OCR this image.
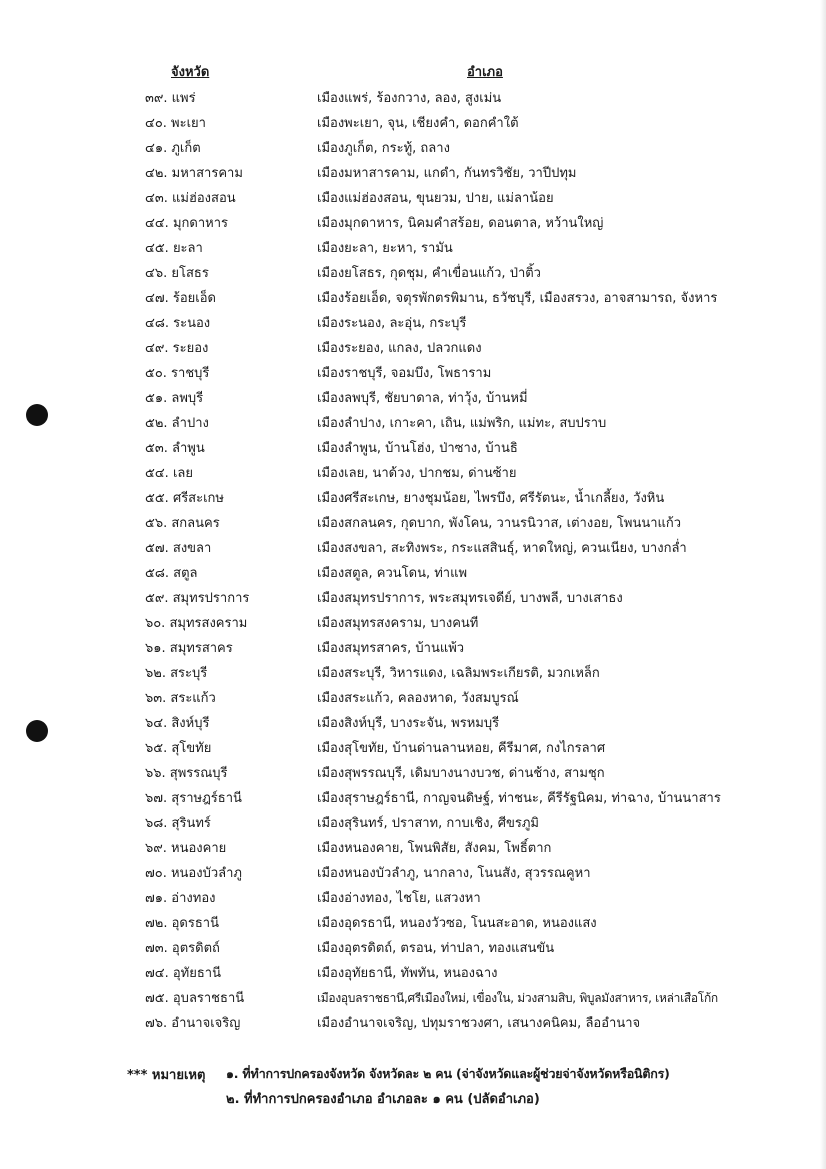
จังหวัด	อำเภอ
๓๙. แพร่	เมืองแพร่, ร้องกวาง, ลอง, สูงเม่น
๔๐. พะเยา	เมืองพะเยา, จุน, เชียงคำ, ดอกคำใต้
๔๑. ภูเก็ต	เมืองภูเก็ต, กระทู้, ถลาง
๔๒. มหาสารคาม	เมืองมหาสารคาม, แกดำ, กันทรวิชัย, วาปีปทุม
๔๓. แม่ฮ่องสอน	เมืองแม่ฮ่องสอน, ขุนยวม, ปาย, แม่ลาน้อย
๔๔. มุกดาหาร	เมืองมุกดาหาร, นิคมคำสร้อย, ดอนตาล, หว้านใหญ่
๔๕. ยะลา	เมืองยะลา, ยะหา, รามัน
๔๖. ยโสธร	เมืองยโสธร, กุดชุม, คำเขื่อนแก้ว, ป่าติ้ว
๔๗. ร้อยเอ็ด	เมืองร้อยเอ็ด, จตุรพักตรพิมาน, ธวัชบุรี, เมืองสรวง, อาจสามารถ, จังหาร
๔๘. ระนอง	เมืองระนอง, ละอุ่น, กระบุรี
๔๙. ระยอง	เมืองระยอง, แกลง, ปลวกแดง
๕๐. ราชบุรี	เมืองราชบุรี, จอมบึง, โพธาราม
๕๑. ลพบุรี	เมืองลพบุรี, ชัยบาดาล, ท่าวุ้ง, บ้านหมี่
๕๒. ลำปาง	เมืองลำปาง, เกาะคา, เถิน, แม่พริก, แม่ทะ, สบปราบ
๕๓. ลำพูน	เมืองลำพูน, บ้านโฮ่ง, ป่าซาง, บ้านธิ
๕๔. เลย	เมืองเลย, นาด้วง, ปากชม, ด่านซ้าย
๕๕. ศรีสะเกษ	เมืองศรีสะเกษ, ยางชุมน้อย, ไพรบึง, ศรีรัตนะ, น้ำเกลี้ยง, วังหิน
๕๖. สกลนคร	เมืองสกลนคร, กุดบาก, พังโคน, วานรนิวาส, เต่างอย, โพนนาแก้ว
๕๗. สงขลา	เมืองสงขลา, สะทิงพระ, กระแสสินธุ์, หาดใหญ่, ควนเนียง, บางกล่ำ
๕๘. สตูล	เมืองสตูล, ควนโดน, ท่าแพ
๕๙. สมุทรปราการ	เมืองสมุทรปราการ, พระสมุทรเจดีย์, บางพลี, บางเสาธง
๖๐. สมุทรสงคราม	เมืองสมุทรสงคราม, บางคนที
๖๑. สมุทรสาคร	เมืองสมุทรสาคร, บ้านแพ้ว
๖๒. สระบุรี	เมืองสระบุรี, วิหารแดง, เฉลิมพระเกียรติ, มวกเหล็ก
๖๓. สระแก้ว	เมืองสระแก้ว, คลองหาด, วังสมบูรณ์
๖๔. สิงห์บุรี	เมืองสิงห์บุรี, บางระจัน, พรหมบุรี
๖๕. สุโขทัย	เมืองสุโขทัย, บ้านด่านลานหอย, คีรีมาศ, กงไกรลาศ
๖๖. สุพรรณบุรี	เมืองสุพรรณบุรี, เดิมบางนางบวช, ด่านช้าง, สามชุก
๖๗. สุราษฎร์ธานี	เมืองสุราษฎร์ธานี, กาญจนดิษฐ์, ท่าชนะ, คีรีรัฐนิคม, ท่าฉาง, บ้านนาสาร
๖๘. สุรินทร์	เมืองสุรินทร์, ปราสาท, กาบเชิง, ศีขรภูมิ
๖๙. หนองคาย	เมืองหนองคาย, โพนพิสัย, สังคม, โพธิ์ตาก
๗๐. หนองบัวลำภู	เมืองหนองบัวลำภู, นากลาง, โนนสัง, สุวรรณคูหา
๗๑. อ่างทอง	เมืองอ่างทอง, ไชโย, แสวงหา
๗๒. อุดรธานี	เมืองอุดรธานี, หนองวัวซอ, โนนสะอาด, หนองแสง
๗๓. อุตรดิตถ์	เมืองอุตรดิตถ์, ตรอน, ท่าปลา, ทองแสนขัน
๗๔. อุทัยธานี	เมืองอุทัยธานี, ทัพทัน, หนองฉาง
๗๕. อุบลราชธานี	เมืองอุบลราชธานี,ศรีเมืองใหม่, เขื่องใน, ม่วงสามสิบ, พิบูลมังสาหาร, เหล่าเสือโก้ก
๗๖. อำนาจเจริญ	เมืองอำนาจเจริญ, ปทุมราชวงศา, เสนางคนิคม, ลืออำนาจ
*** หมายเหตุ ๑. ที่ทำการปกครองจังหวัด จังหวัดละ ๒ คน (จ่าจังหวัดและผู้ช่วยจ่าจังหวัดหรือนิติกร)
๒. ที่ทำการปกครองอำเภอ อำเภอละ ๑ คน (ปลัดอำเภอ)
